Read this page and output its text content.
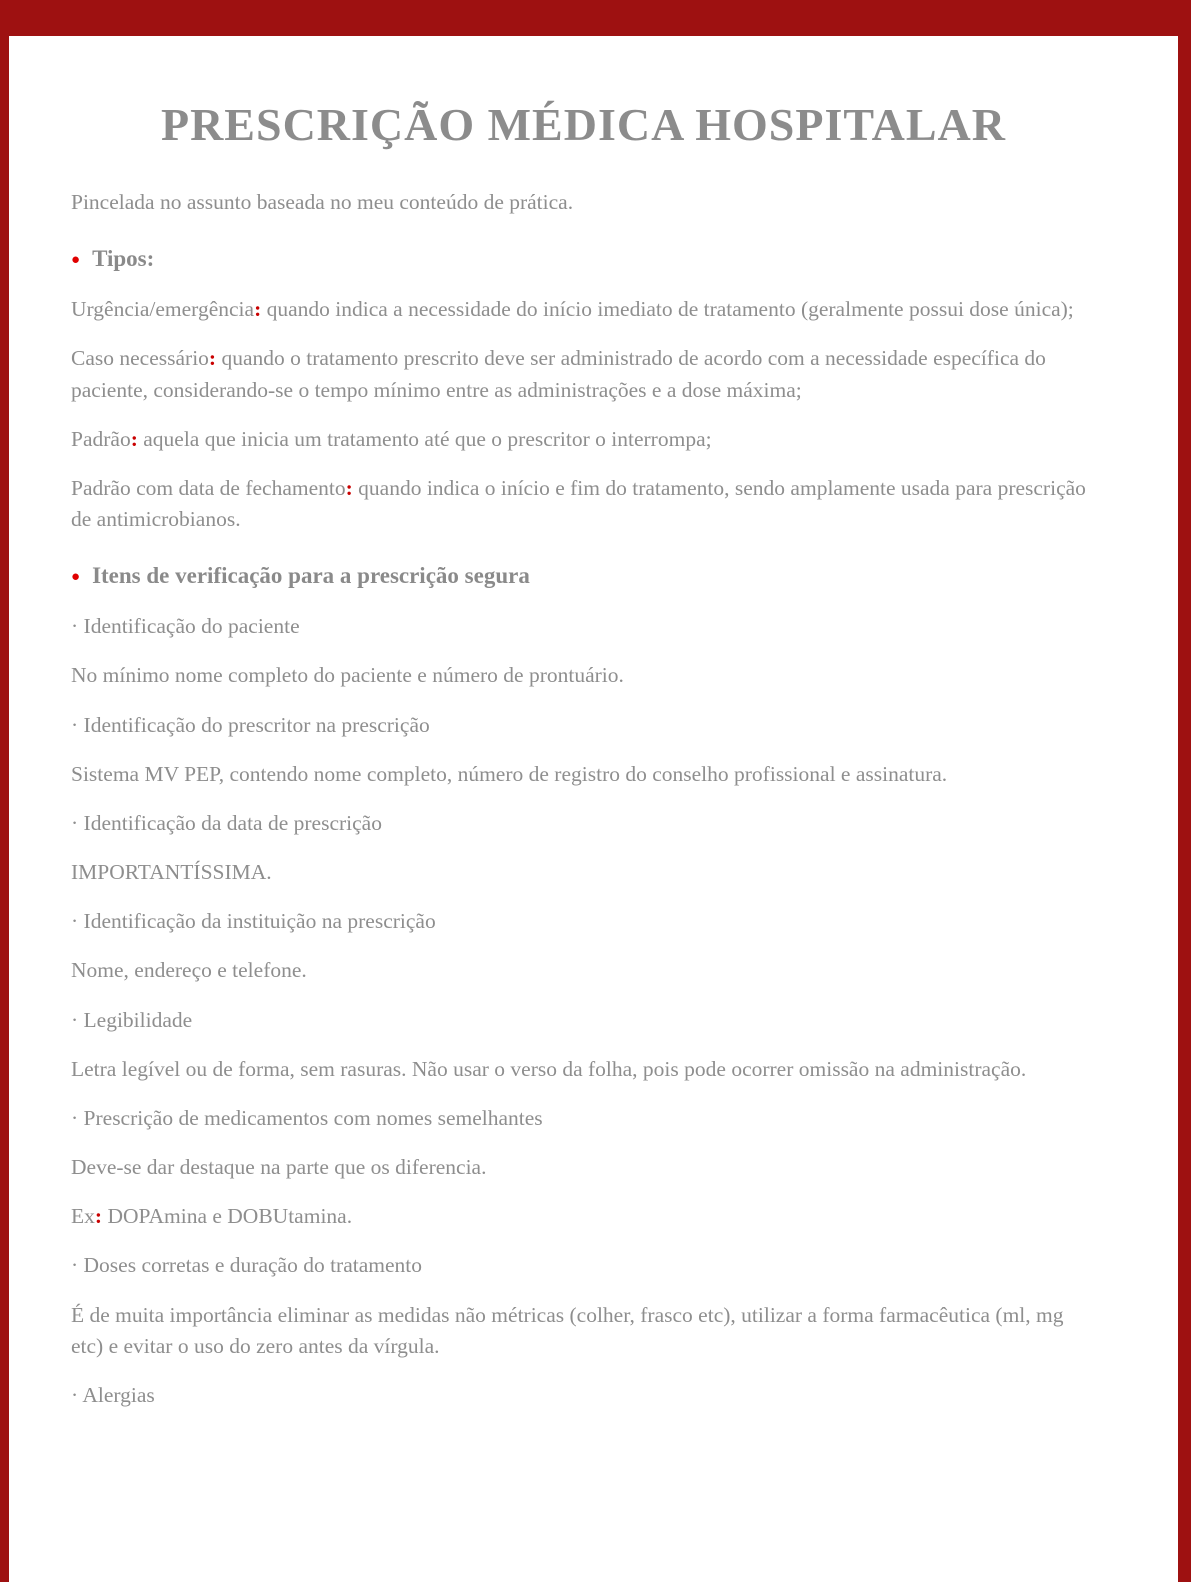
PRESCRIÇÃO MÉDICA HOSPITALAR

Pincelada no assunto baseada no meu conteúdo de prática.

● Tipos:

Urgência/emergência: quando indica a necessidade do início imediato de tratamento (geralmente possui dose única);

Caso necessário: quando o tratamento prescrito deve ser administrado de acordo com a necessidade específica do paciente, considerando-se o tempo mínimo entre as administrações e a dose máxima;

Padrão: aquela que inicia um tratamento até que o prescritor o interrompa;

Padrão com data de fechamento: quando indica o início e fim do tratamento, sendo amplamente usada para prescrição de antimicrobianos.

● Itens de verificação para a prescrição segura

· Identificação do paciente

No mínimo nome completo do paciente e número de prontuário.

· Identificação do prescritor na prescrição

Sistema MV PEP, contendo nome completo, número de registro do conselho profissional e assinatura.

· Identificação da data de prescrição

IMPORTANTÍSSIMA.

· Identificação da instituição na prescrição

Nome, endereço e telefone.

· Legibilidade

Letra legível ou de forma, sem rasuras. Não usar o verso da folha, pois pode ocorrer omissão na administração.

· Prescrição de medicamentos com nomes semelhantes

Deve-se dar destaque na parte que os diferencia.

Ex: DOPAmina e DOBUtamina.

· Doses corretas e duração do tratamento

É de muita importância eliminar as medidas não métricas (colher, frasco etc), utilizar a forma farmacêutica (ml, mg etc) e evitar o uso do zero antes da vírgula.

· Alergias
